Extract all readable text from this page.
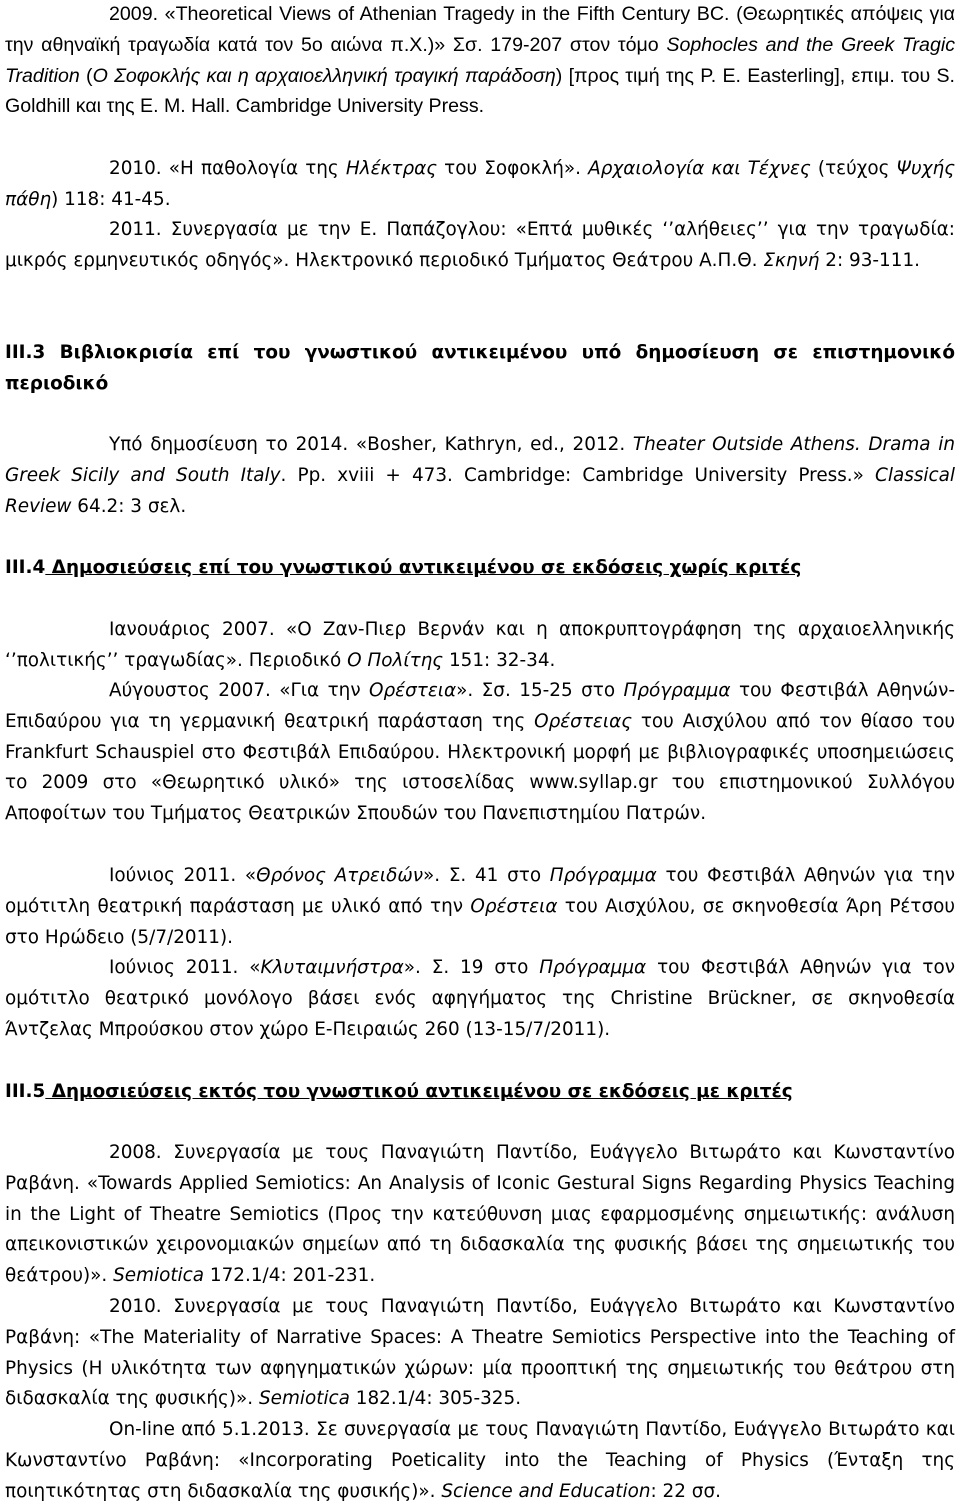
2009. «Theoretical Views of Athenian Tragedy in the Fifth Century BC. (Θεωρητικές απόψεις για την αθηναϊκή τραγωδία κατά τον 5ο αιώνα π.Χ.)» Σσ. 179-207 στον τόμο Sophocles and the Greek Tragic Tradition (Ο Σοφοκλής και η αρχαιοελληνική τραγική παράδοση) [προς τιμή της P. E. Easterling], επιμ. του S. Goldhill και της E. M. Hall. Cambridge University Press.

2010. «Η παθολογία της Ηλέκτρας του Σοφοκλή». Αρχαιολογία και Τέχνες (τεύχος Ψυχής πάθη) 118: 41-45.

2011. Συνεργασία με την Ε. Παπάζογλου: «Επτά μυθικές ‘’αλήθειες’’ για την τραγωδία: μικρός ερμηνευτικός οδηγός». Ηλεκτρονικό περιοδικό Τμήματος Θεάτρου Α.Π.Θ. Σκηνή 2: 93-111.

III.3 Βιβλιοκρισία επί του γνωστικού αντικειμένου υπό δημοσίευση σε επιστημονικό περιοδικό

Υπό δημοσίευση το 2014. «Bosher, Kathryn, ed., 2012. Theater Outside Athens. Drama in Greek Sicily and South Italy. Pp. xviii + 473. Cambridge: Cambridge University Press.» Classical Review 64.2: 3 σελ.

III.4 Δημοσιεύσεις επί του γνωστικού αντικειμένου σε εκδόσεις χωρίς κριτές

Ιανουάριος 2007. «Ο Ζαν-Πιερ Βερνάν και η αποκρυπτογράφηση της αρχαιοελληνικής ‘’πολιτικής’’ τραγωδίας». Περιοδικό Ο Πολίτης 151: 32-34.

Αύγουστος 2007. «Για την Ορέστεια». Σσ. 15-25 στο Πρόγραμμα του Φεστιβάλ Αθηνών-Επιδαύρου για τη γερμανική θεατρική παράσταση της Ορέστειας του Αισχύλου από τον θίασο του Frankfurt Schauspiel στο Φεστιβάλ Επιδαύρου. Ηλεκτρονική μορφή με βιβλιογραφικές υποσημειώσεις το 2009 στο «Θεωρητικό υλικό» της ιστοσελίδας www.syllap.gr του επιστημονικού Συλλόγου Αποφοίτων του Τμήματος Θεατρικών Σπουδών του Πανεπιστημίου Πατρών.

Ιούνιος 2011. «Θρόνος Ατρειδών». Σ. 41 στο Πρόγραμμα του Φεστιβάλ Αθηνών για την ομότιτλη θεατρική παράσταση με υλικό από την Ορέστεια του Αισχύλου, σε σκηνοθεσία Άρη Ρέτσου στο Ηρώδειο (5/7/2011).

Ιούνιος 2011. «Κλυταιμνήστρα». Σ. 19 στο Πρόγραμμα του Φεστιβάλ Αθηνών για τον ομότιτλο θεατρικό μονόλογο βάσει ενός αφηγήματος της Christine Brückner, σε σκηνοθεσία Άντζελας Μπρούσκου στον χώρο Ε-Πειραιώς 260 (13-15/7/2011).

III.5 Δημοσιεύσεις εκτός του γνωστικού αντικειμένου σε εκδόσεις με κριτές

2008. Συνεργασία με τους Παναγιώτη Παντίδο, Ευάγγελο Βιτωράτο και Κωνσταντίνο Ραβάνη. «Towards Applied Semiotics: An Analysis of Iconic Gestural Signs Regarding Physics Teaching in the Light of Theatre Semiotics (Προς την κατεύθυνση μιας εφαρμοσμένης σημειωτικής: ανάλυση απεικονιστικών χειρονομιακών σημείων από τη διδασκαλία της φυσικής βάσει της σημειωτικής του θεάτρου)». Semiotica 172.1/4: 201-231.

2010. Συνεργασία με τους Παναγιώτη Παντίδο, Ευάγγελο Βιτωράτο και Κωνσταντίνο Ραβάνη: «The Materiality of Narrative Spaces: A Theatre Semiotics Perspective into the Teaching of Physics (Η υλικότητα των αφηγηματικών χώρων: μία προοπτική της σημειωτικής του θεάτρου στη διδασκαλία της φυσικής)». Semiotica 182.1/4: 305-325.

On-line από 5.1.2013. Σε συνεργασία με τους Παναγιώτη Παντίδο, Ευάγγελο Βιτωράτο και Κωνσταντίνο Ραβάνη: «Incorporating Poeticality into the Teaching of Physics (Ένταξη της ποιητικότητας στη διδασκαλία της φυσικής)». Science and Education: 22 σσ.
